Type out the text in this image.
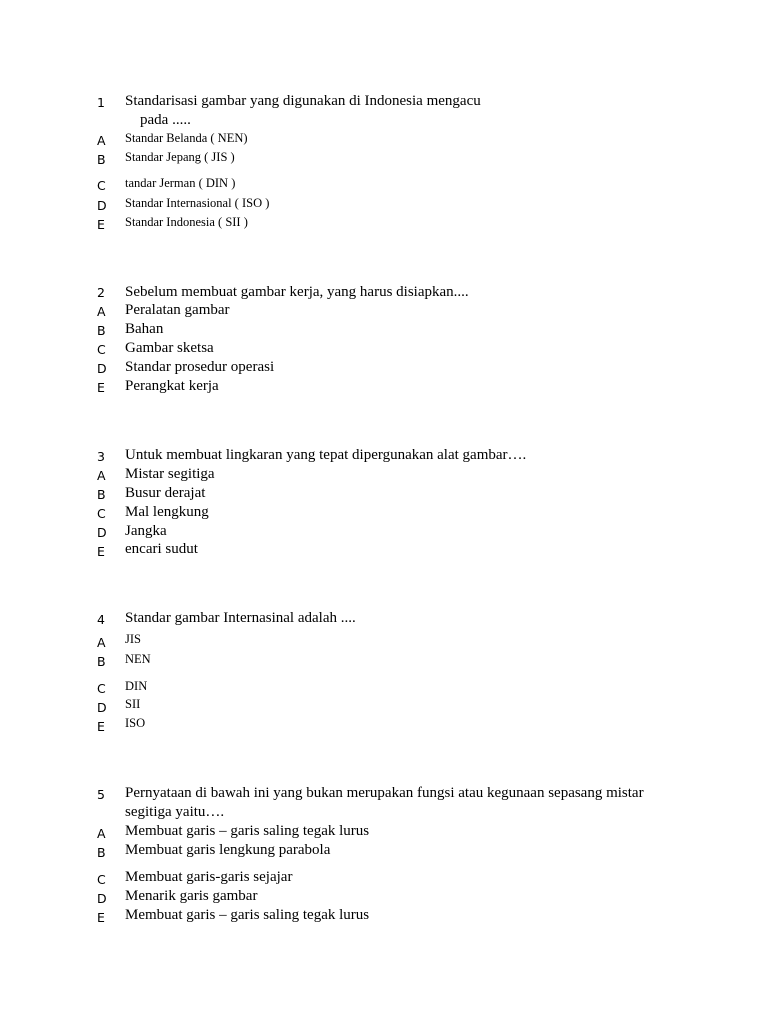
1 Standarisasi gambar yang digunakan di Indonesia mengacu
pada .....
A Standar Belanda ( NEN)
B Standar Jepang ( JIS )
C tandar Jerman ( DIN )
D Standar Internasional ( ISO )
E Standar Indonesia ( SII )
2 Sebelum membuat gambar kerja, yang harus disiapkan....
A Peralatan gambar
B Bahan
C Gambar sketsa
D Standar prosedur operasi
E Perangkat kerja
3 Untuk membuat lingkaran yang tepat dipergunakan alat gambar….
A Mistar segitiga
B Busur derajat
C Mal lengkung
D Jangka
E encari sudut
4 Standar gambar Internasinal adalah ....
A JIS
B NEN
C DIN
D SII
E ISO
5 Pernyataan di bawah ini yang bukan merupakan fungsi atau kegunaan sepasang mistar
segitiga yaitu….
A Membuat garis – garis saling tegak lurus
B Membuat garis lengkung parabola
C Membuat garis-garis sejajar
D Menarik garis gambar
E Membuat garis – garis saling tegak lurus
